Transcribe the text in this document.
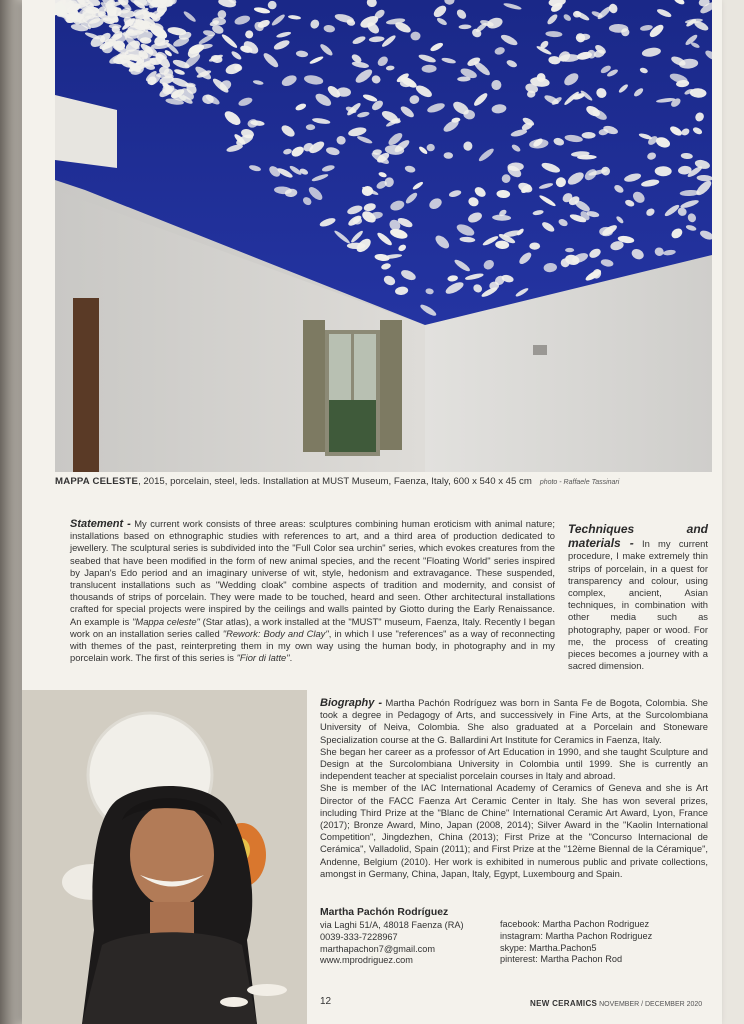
MAPPA CELESTE, 2015, porcelain, steel, leds. Installation at MUST Museum, Faenza, Italy, 600 x 540 x 45 cm photo - Raffaele Tassinari
Statement - My current work consists of three areas: sculptures combining human eroticism with animal nature; installations based on ethnographic studies with references to art, and a third area of production dedicated to jewellery. The sculptural series is subdivided into the "Full Color sea urchin" series, which evokes creatures from the seabed that have been modified in the form of new animal species, and the recent "Floating World" series inspired by Japan's Edo period and an imaginary universe of wit, style, hedonism and extravagance. These suspended, translucent installations such as "Wedding cloak" combine aspects of tradition and modernity, and consist of thousands of strips of porcelain. They were made to be touched, heard and seen. Other architectural installations crafted for special projects were inspired by the ceilings and walls painted by Giotto during the Early Renaissance. An example is "Mappa celeste" (Star atlas), a work installed at the "MUST" museum, Faenza, Italy. Recently I began work on an installation series called "Rework: Body and Clay", in which I use "references" as a way of reconnecting with themes of the past, reinterpreting them in my own way using the human body, in photography and in my porcelain work. The first of this series is "Fior di latte".
Techniques and materials - In my current procedure, I make extremely thin strips of porcelain, in a quest for transparency and colour, using complex, ancient, Asian techniques, in combination with other media such as photography, paper or wood. For me, the process of creating pieces becomes a journey with a sacred dimension.

Biography - Martha Pachón Rodríguez was born in Santa Fe de Bogota, Colombia. She took a degree in Pedagogy of Arts, and successively in Fine Arts, at the Surcolombiana University of Neiva, Colombia. She also graduated at a Porcelain and Stoneware Specialization course at the G. Ballardini Art Institute for Ceramics in Faenza, Italy.

She began her career as a professor of Art Education in 1990, and she taught Sculpture and Design at the Surcolombiana University in Colombia until 1999. She is currently an independent teacher at specialist porcelain courses in Italy and abroad.

She is member of the IAC International Academy of Ceramics of Geneva and she is Art Director of the FACC Faenza Art Ceramic Center in Italy. She has won several prizes, including Third Prize at the "Blanc de Chine" International Ceramic Art Award, Lyon, France (2017); Bronze Award, Mino, Japan (2008, 2014); Silver Award in the "Kaolin International Competition", Jingdezhen, China (2013); First Prize at the "Concurso Internacional de Cerámica", Valladolid, Spain (2011); and First Prize at the "12ème Biennal de la Céramique", Andenne, Belgium (2010). Her work is exhibited in numerous public and private collections, amongst in Germany, China, Japan, Italy, Egypt, Luxembourg and Spain.

Martha Pachón Rodríguez
via Laghi 51/A, 48018 Faenza (RA)
0039-333-7228967
marthapachon7@gmail.com
www.mprodriguez.com
facebook: Martha Pachon Rodriguez
instagram: Martha Pachon Rodriguez
skype: Martha.Pachon5
pinterest: Martha Pachon Rod
12	NEW CERAMICS NOVEMBER / DECEMBER 2020
